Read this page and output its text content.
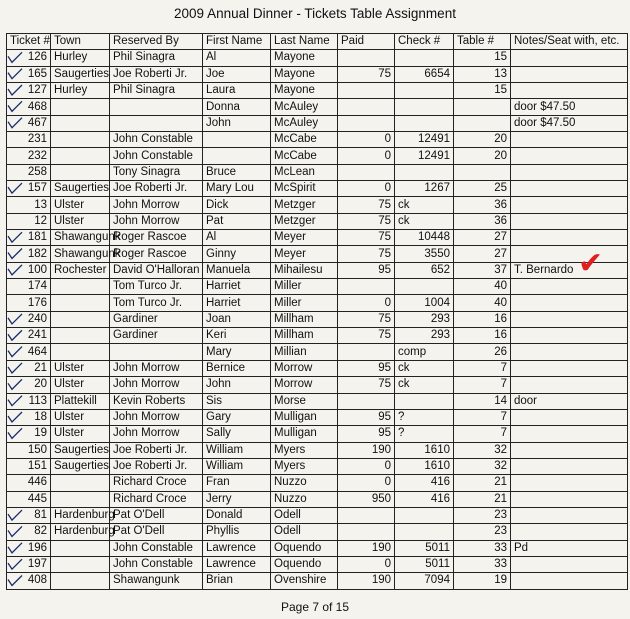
2009 Annual Dinner - Tickets Table Assignment
Ticket #	Town	Reserved By	First Name	Last Name	Paid	Check #	Table #	Notes/Seat with, etc.
126	Hurley	Phil Sinagra	Al	Mayone			15	
165	Saugerties	Joe Roberti Jr.	Joe	Mayone	75	6654	13	
127	Hurley	Phil Sinagra	Laura	Mayone			15	
468			Donna	McAuley				door $47.50
467			John	McAuley				door $47.50
231		John Constable		McCabe	0	12491	20	
232		John Constable		McCabe	0	12491	20	
258		Tony Sinagra	Bruce	McLean				
157	Saugerties	Joe Roberti Jr.	Mary Lou	McSpirit	0	1267	25	
13	Ulster	John Morrow	Dick	Metzger	75	ck	36	
12	Ulster	John Morrow	Pat	Metzger	75	ck	36	
181	Shawangunk	Roger Rascoe	Al	Meyer	75	10448	27	
182	Shawangunk	Roger Rascoe	Ginny	Meyer	75	3550	27	
100	Rochester	David O'Halloran	Manuela	Mihailesu	95	652	37	T. Bernardo
174		Tom Turco Jr.	Harriet	Miller			40	
176		Tom Turco Jr.	Harriet	Miller	0	1004	40	
240		Gardiner	Joan	Millham	75	293	16	
241		Gardiner	Keri	Millham	75	293	16	
464			Mary	Millian		comp	26	
21	Ulster	John Morrow	Bernice	Morrow	95	ck	7	
20	Ulster	John Morrow	John	Morrow	75	ck	7	
113	Plattekill	Kevin Roberts	Sis	Morse			14	door
18	Ulster	John Morrow	Gary	Mulligan	95	?	7	
19	Ulster	John Morrow	Sally	Mulligan	95	?	7	
150	Saugerties	Joe Roberti Jr.	William	Myers	190	1610	32	
151	Saugerties	Joe Roberti Jr.	William	Myers	0	1610	32	
446		Richard Croce	Fran	Nuzzo	0	416	21	
445		Richard Croce	Jerry	Nuzzo	950	416	21	
81	Hardenburg	Pat O'Dell	Donald	Odell			23	
82	Hardenburg	Pat O'Dell	Phyllis	Odell			23	
196		John Constable	Lawrence	Oquendo	190	5011	33	Pd
197		John Constable	Lawrence	Oquendo	0	5011	33	
408		Shawangunk	Brian	Ovenshire	190	7094	19	
✔
Page 7 of 15
